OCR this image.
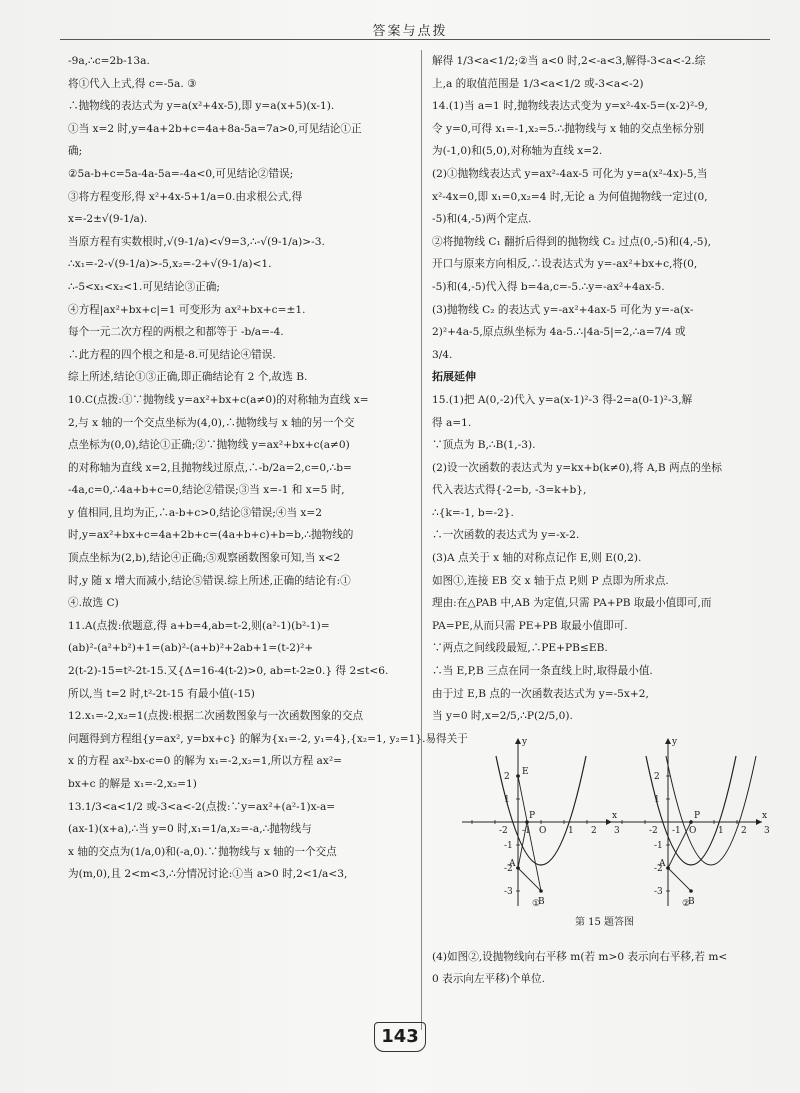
答案与点拨
-9a,∴c=2b-13a.
将①代入上式,得 c=-5a. ③
∴抛物线的表达式为 y=a(x²+4x-5),即 y=a(x+5)(x-1).
①当 x=2 时,y=4a+2b+c=4a+8a-5a=7a>0,可见结论①正
确;
②5a-b+c=5a-4a-5a=-4a<0,可见结论②错误;
③将方程变形,得 x²+4x-5+1/a=0.由求根公式,得
x=-2±√(9-1/a).
当原方程有实数根时,√(9-1/a)<√9=3,∴-√(9-1/a)>-3.
∴x₁=-2-√(9-1/a)>-5,x₂=-2+√(9-1/a)<1.
∴-5<x₁<x₂<1.可见结论③正确;
④方程|ax²+bx+c|=1 可变形为 ax²+bx+c=±1.
每个一元二次方程的两根之和都等于 -b/a=-4.
∴此方程的四个根之和是-8.可见结论④错误.
综上所述,结论①③正确,即正确结论有 2 个,故选 B.
10.C(点拨:①∵抛物线 y=ax²+bx+c(a≠0)的对称轴为直线 x=
2,与 x 轴的一个交点坐标为(4,0),∴抛物线与 x 轴的另一个交
点坐标为(0,0),结论①正确;②∵抛物线 y=ax²+bx+c(a≠0)
的对称轴为直线 x=2,且抛物线过原点,∴-b/2a=2,c=0,∴b=
-4a,c=0,∴4a+b+c=0,结论②错误;③当 x=-1 和 x=5 时,
y 值相同,且均为正,∴a-b+c>0,结论③错误;④当 x=2
时,y=ax²+bx+c=4a+2b+c=(4a+b+c)+b=b,∴抛物线的
顶点坐标为(2,b),结论④正确;⑤观察函数图象可知,当 x<2
时,y 随 x 增大而减小,结论⑤错误.综上所述,正确的结论有:①
④.故选 C)
11.A(点拨:依题意,得 a+b=4,ab=t-2,则(a²-1)(b²-1)=
(ab)²-(a²+b²)+1=(ab)²-(a+b)²+2ab+1=(t-2)²+
2(t-2)-15=t²-2t-15.又{Δ=16-4(t-2)>0, ab=t-2≥0.} 得 2≤t<6.
所以,当 t=2 时,t²-2t-15 有最小值(-15)
12.x₁=-2,x₂=1(点拨:根据二次函数图象与一次函数图象的交点
问题得到方程组{y=ax², y=bx+c} 的解为{x₁=-2, y₁=4},{x₂=1, y₂=1}.易得关于
x 的方程 ax²-bx-c=0 的解为 x₁=-2,x₂=1,所以方程 ax²=
bx+c 的解是 x₁=-2,x₂=1)
13.1/3<a<1/2 或-3<a<-2(点拨:∵y=ax²+(a²-1)x-a=
(ax-1)(x+a),∴当 y=0 时,x₁=1/a,x₂=-a,∴抛物线与
x 轴的交点为(1/a,0)和(-a,0).∵抛物线与 x 轴的一个交点
为(m,0),且 2<m<3,∴分情况讨论:①当 a>0 时,2<1/a<3,
解得 1/3<a<1/2;②当 a<0 时,2<-a<3,解得-3<a<-2.综
上,a 的取值范围是 1/3<a<1/2 或-3<a<-2)
14.(1)当 a=1 时,抛物线表达式变为 y=x²-4x-5=(x-2)²-9,
令 y=0,可得 x₁=-1,x₂=5.∴抛物线与 x 轴的交点坐标分别
为(-1,0)和(5,0),对称轴为直线 x=2.
(2)①抛物线表达式 y=ax²-4ax-5 可化为 y=a(x²-4x)-5,当
x²-4x=0,即 x₁=0,x₂=4 时,无论 a 为何值抛物线一定过(0,
-5)和(4,-5)两个定点.
②将抛物线 C₁ 翻折后得到的抛物线 C₂ 过点(0,-5)和(4,-5),
开口与原来方向相反,∴设表达式为 y=-ax²+bx+c,将(0,
-5)和(4,-5)代入得 b=4a,c=-5.∴y=-ax²+4ax-5.
(3)抛物线 C₂ 的表达式 y=-ax²+4ax-5 可化为 y=-a(x-
2)²+4a-5,原点纵坐标为 4a-5.∴|4a-5|=2,∴a=7/4 或
3/4.
拓展延伸
15.(1)把 A(0,-2)代入 y=a(x-1)²-3 得-2=a(0-1)²-3,解
得 a=1.
∵顶点为 B,∴B(1,-3).
(2)设一次函数的表达式为 y=kx+b(k≠0),将 A,B 两点的坐标
代入表达式得{-2=b, -3=k+b},
∴{k=-1, b=-2}.
∴一次函数的表达式为 y=-x-2.
(3)A 点关于 x 轴的对称点记作 E,则 E(0,2).
如图①,连接 EB 交 x 轴于点 P,则 P 点即为所求点.
理由:在△PAB 中,AB 为定值,只需 PA+PB 取最小值即可,而
PA=PE,从而只需 PE+PB 取最小值即可.
∵两点之间线段最短,∴PE+PB≤EB.
∴当 E,P,B 三点在同一条直线上时,取得最小值.
由于过 E,B 点的一次函数表达式为 y=-5x+2,
当 y=0 时,x=2/5,∴P(2/5,0).
-2 -1 O 1 2 3
2
1
-1
-2
-3
x
y
①
-2 -1 O 1 2 3
2
1
-1
-2
-3
x
y
②
E
P
A
B
P
A
B
第 15 题答图
(4)如图②,设抛物线向右平移 m(若 m>0 表示向右平移,若 m<
0 表示向左平移)个单位.
143
